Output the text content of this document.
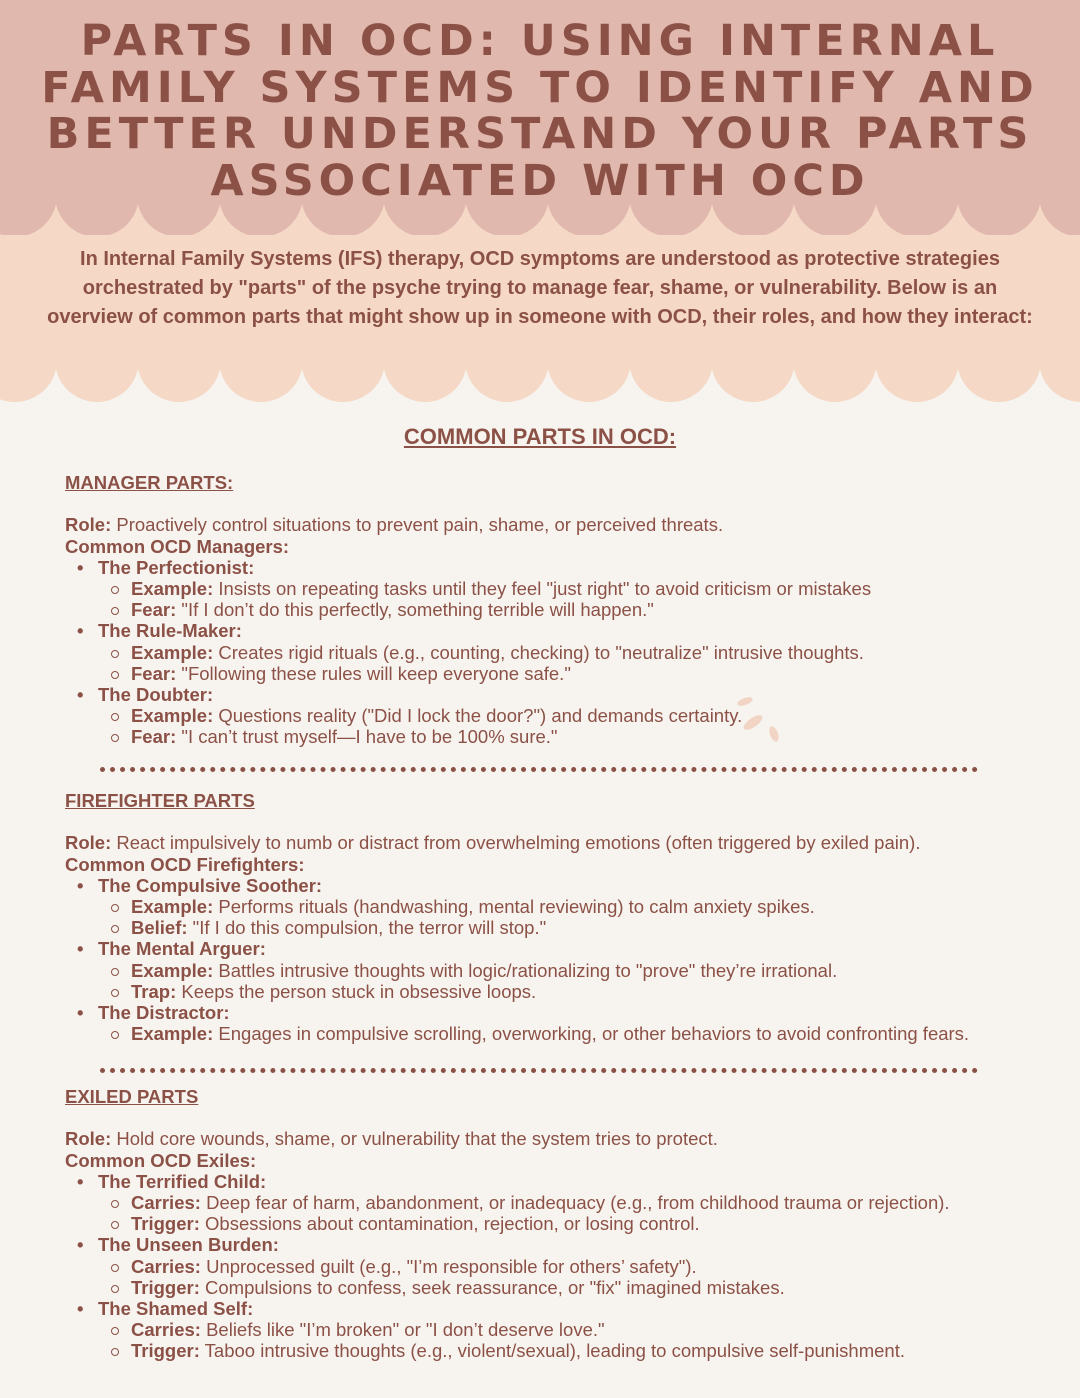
PARTS IN OCD: USING INTERNAL FAMILY SYSTEMS TO IDENTIFY AND BETTER UNDERSTAND YOUR PARTS ASSOCIATED WITH OCD

In Internal Family Systems (IFS) therapy, OCD symptoms are understood as protective strategies orchestrated by "parts" of the psyche trying to manage fear, shame, or vulnerability. Below is an overview of common parts that might show up in someone with OCD, their roles, and how they interact:

COMMON PARTS IN OCD:
MANAGER PARTS:
Role: Proactively control situations to prevent pain, shame, or perceived threats.
Common OCD Managers:
• The Perfectionist:
Example: Insists on repeating tasks until they feel "just right" to avoid criticism or mistakes
Fear: "If I don’t do this perfectly, something terrible will happen."
• The Rule-Maker:
Example: Creates rigid rituals (e.g., counting, checking) to "neutralize" intrusive thoughts.
Fear: "Following these rules will keep everyone safe."
• The Doubter:
Example: Questions reality ("Did I lock the door?") and demands certainty.
Fear: "I can’t trust myself—I have to be 100% sure."
FIREFIGHTER PARTS
Role: React impulsively to numb or distract from overwhelming emotions (often triggered by exiled pain).
Common OCD Firefighters:
• The Compulsive Soother:
Example: Performs rituals (handwashing, mental reviewing) to calm anxiety spikes.
Belief: "If I do this compulsion, the terror will stop."
• The Mental Arguer:
Example: Battles intrusive thoughts with logic/rationalizing to "prove" they’re irrational.
Trap: Keeps the person stuck in obsessive loops.
• The Distractor:
Example: Engages in compulsive scrolling, overworking, or other behaviors to avoid confronting fears.
EXILED PARTS
Role: Hold core wounds, shame, or vulnerability that the system tries to protect.
Common OCD Exiles:
• The Terrified Child:
Carries: Deep fear of harm, abandonment, or inadequacy (e.g., from childhood trauma or rejection).
Trigger: Obsessions about contamination, rejection, or losing control.
• The Unseen Burden:
Carries: Unprocessed guilt (e.g., "I’m responsible for others’ safety").
Trigger: Compulsions to confess, seek reassurance, or "fix" imagined mistakes.
• The Shamed Self:
Carries: Beliefs like "I’m broken" or "I don’t deserve love."
Trigger: Taboo intrusive thoughts (e.g., violent/sexual), leading to compulsive self-punishment.
